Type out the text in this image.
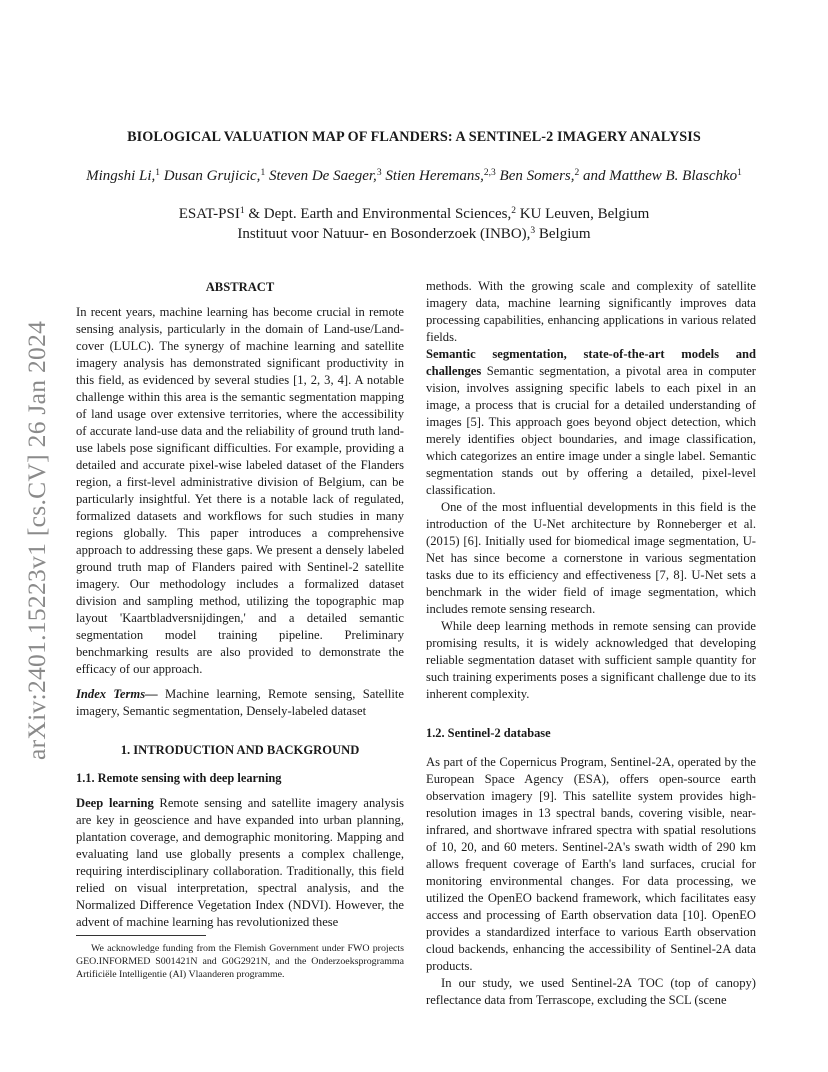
arXiv:2401.15223v1 [cs.CV] 26 Jan 2024
BIOLOGICAL VALUATION MAP OF FLANDERS: A SENTINEL-2 IMAGERY ANALYSIS
Mingshi Li,$^1$ Dusan Grujicic,$^1$ Steven De Saeger,$^3$ Stien Heremans,$^{2,3}$ Ben Somers,$^2$ and Matthew B. Blaschko$^1$
ESAT-PSI$^1$ & Dept. Earth and Environmental Sciences,$^2$ KU Leuven, Belgium
Instituut voor Natuur- en Bosonderzoek (INBO),$^3$ Belgium

ABSTRACT

In recent years, machine learning has become crucial in remote sensing analysis, particularly in the domain of Land-use/Land-cover (LULC). The synergy of machine learning and satellite imagery analysis has demonstrated significant productivity in this field, as evidenced by several studies [1, 2, 3, 4]. A notable challenge within this area is the semantic segmentation mapping of land usage over extensive territories, where the accessibility of accurate land-use data and the reliability of ground truth land-use labels pose significant difficulties. For example, providing a detailed and accurate pixel-wise labeled dataset of the Flanders region, a first-level administrative division of Belgium, can be particularly insightful. Yet there is a notable lack of regulated, formalized datasets and workflows for such studies in many regions globally. This paper introduces a comprehensive approach to addressing these gaps. We present a densely labeled ground truth map of Flanders paired with Sentinel-2 satellite imagery. Our methodology includes a formalized dataset division and sampling method, utilizing the topographic map layout 'Kaartbladversnijdingen,' and a detailed semantic segmentation model training pipeline. Preliminary benchmarking results are also provided to demonstrate the efficacy of our approach.

Index Terms— Machine learning, Remote sensing, Satellite imagery, Semantic segmentation, Densely-labeled dataset

1. INTRODUCTION AND BACKGROUND

1.1. Remote sensing with deep learning

Deep learning Remote sensing and satellite imagery analysis are key in geoscience and have expanded into urban planning, plantation coverage, and demographic monitoring. Mapping and evaluating land use globally presents a complex challenge, requiring interdisciplinary collaboration. Traditionally, this field relied on visual interpretation, spectral analysis, and the Normalized Difference Vegetation Index (NDVI). However, the advent of machine learning has revolutionized these

We acknowledge funding from the Flemish Government under FWO projects GEO.INFORMED S001421N and G0G2921N, and the Onderzoeksprogramma Artificiële Intelligentie (AI) Vlaanderen programme.

methods. With the growing scale and complexity of satellite imagery data, machine learning significantly improves data processing capabilities, enhancing applications in various related fields.

Semantic segmentation, state-of-the-art models and challenges Semantic segmentation, a pivotal area in computer vision, involves assigning specific labels to each pixel in an image, a process that is crucial for a detailed understanding of images [5]. This approach goes beyond object detection, which merely identifies object boundaries, and image classification, which categorizes an entire image under a single label. Semantic segmentation stands out by offering a detailed, pixel-level classification.

One of the most influential developments in this field is the introduction of the U-Net architecture by Ronneberger et al. (2015) [6]. Initially used for biomedical image segmentation, U-Net has since become a cornerstone in various segmentation tasks due to its efficiency and effectiveness [7, 8]. U-Net sets a benchmark in the wider field of image segmentation, which includes remote sensing research.

While deep learning methods in remote sensing can provide promising results, it is widely acknowledged that developing reliable segmentation dataset with sufficient sample quantity for such training experiments poses a significant challenge due to its inherent complexity.

1.2. Sentinel-2 database

As part of the Copernicus Program, Sentinel-2A, operated by the European Space Agency (ESA), offers open-source earth observation imagery [9]. This satellite system provides high-resolution images in 13 spectral bands, covering visible, near-infrared, and shortwave infrared spectra with spatial resolutions of 10, 20, and 60 meters. Sentinel-2A's swath width of 290 km allows frequent coverage of Earth's land surfaces, crucial for monitoring environmental changes. For data processing, we utilized the OpenEO backend framework, which facilitates easy access and processing of Earth observation data [10]. OpenEO provides a standardized interface to various Earth observation cloud backends, enhancing the accessibility of Sentinel-2A data products.

In our study, we used Sentinel-2A TOC (top of canopy) reflectance data from Terrascope, excluding the SCL (scene
